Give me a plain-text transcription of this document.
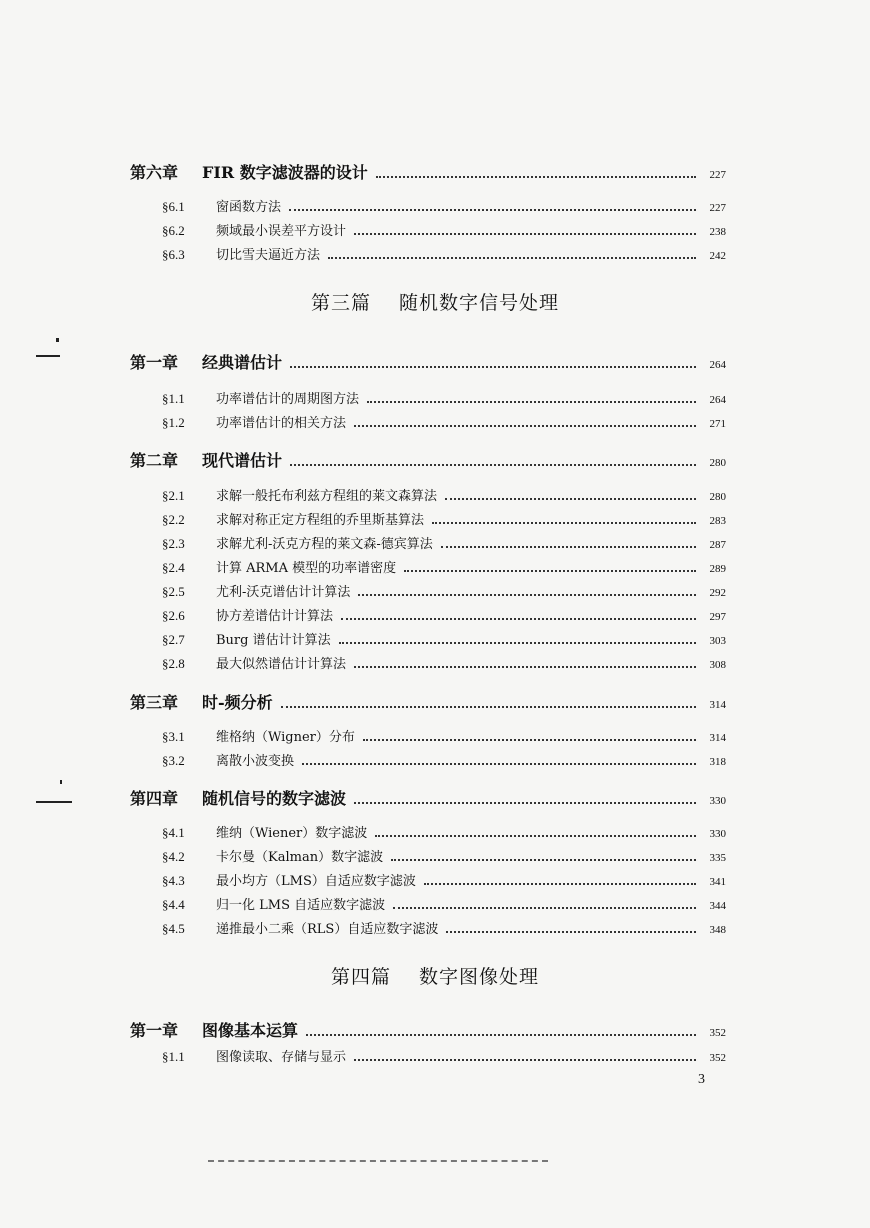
第六章	FIR 数字滤波器的设计	227
§6.1	窗函数方法	227
§6.2	频域最小误差平方设计	238
§6.3	切比雪夫逼近方法	242
第三篇 随机数字信号处理
第一章	经典谱估计	264
§1.1	功率谱估计的周期图方法	264
§1.2	功率谱估计的相关方法	271
第二章	现代谱估计	280
§2.1	求解一般托布利兹方程组的莱文森算法	280
§2.2	求解对称正定方程组的乔里斯基算法	283
§2.3	求解尤利-沃克方程的莱文森-德宾算法	287
§2.4	计算 ARMA 模型的功率谱密度	289
§2.5	尤利-沃克谱估计计算法	292
§2.6	协方差谱估计计算法	297
§2.7	Burg 谱估计计算法	303
§2.8	最大似然谱估计计算法	308
第三章	时-频分析	314
§3.1	维格纳（Wigner）分布	314
§3.2	离散小波变换	318
第四章	随机信号的数字滤波	330
§4.1	维纳（Wiener）数字滤波	330
§4.2	卡尔曼（Kalman）数字滤波	335
§4.3	最小均方（LMS）自适应数字滤波	341
§4.4	归一化 LMS 自适应数字滤波	344
§4.5	递推最小二乘（RLS）自适应数字滤波	348
第四篇 数字图像处理
第一章	图像基本运算	352
§1.1	图像读取、存储与显示	352
3
